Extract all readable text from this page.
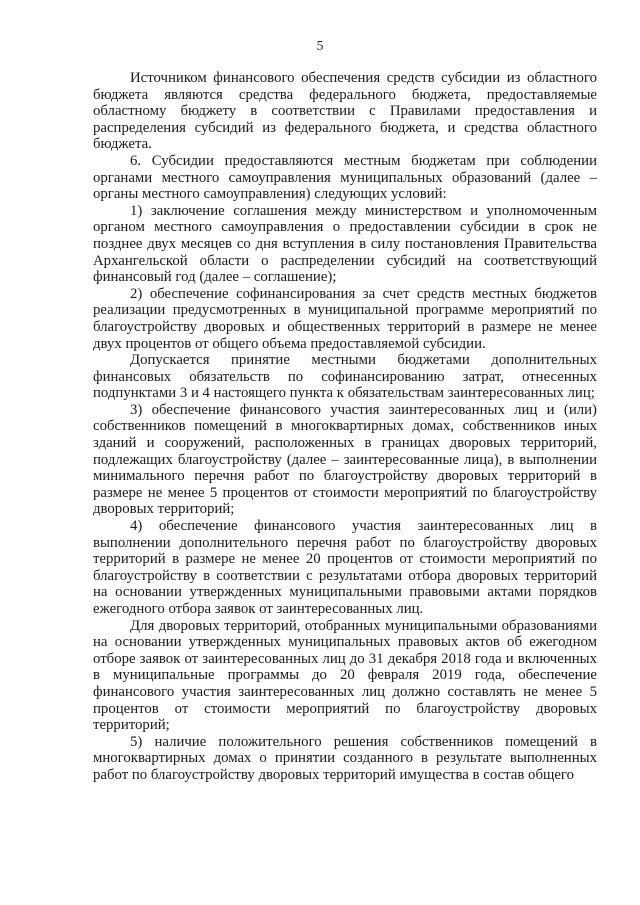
5

Источником финансового обеспечения средств субсидии из областного бюджета являются средства федерального бюджета, предоставляемые областному бюджету в соответствии с Правилами предоставления и распределения субсидий из федерального бюджета, и средства областного бюджета.

6. Субсидии предоставляются местным бюджетам при соблюдении органами местного самоуправления муниципальных образований (далее – органы местного самоуправления) следующих условий:

1) заключение соглашения между министерством и уполномоченным органом местного самоуправления о предоставлении субсидии в срок не позднее двух месяцев со дня вступления в силу постановления Правительства Архангельской области о распределении субсидий на соответствующий финансовый год (далее – соглашение);

2) обеспечение софинансирования за счет средств местных бюджетов реализации предусмотренных в муниципальной программе мероприятий по благоустройству дворовых и общественных территорий в размере не менее двух процентов от общего объема предоставляемой субсидии.

Допускается принятие местными бюджетами дополнительных финансовых обязательств по софинансированию затрат, отнесенных подпунктами 3 и 4 настоящего пункта к обязательствам заинтересованных лиц;

3) обеспечение финансового участия заинтересованных лиц и (или) собственников помещений в многоквартирных домах, собственников иных зданий и сооружений, расположенных в границах дворовых территорий, подлежащих благоустройству (далее – заинтересованные лица), в выполнении минимального перечня работ по благоустройству дворовых территорий в размере не менее 5 процентов от стоимости мероприятий по благоустройству дворовых территорий;

4) обеспечение финансового участия заинтересованных лиц в выполнении дополнительного перечня работ по благоустройству дворовых территорий в размере не менее 20 процентов от стоимости мероприятий по благоустройству в соответствии с результатами отбора дворовых территорий на основании утвержденных муниципальными правовыми актами порядков ежегодного отбора заявок от заинтересованных лиц.

Для дворовых территорий, отобранных муниципальными образованиями на основании утвержденных муниципальных правовых актов об ежегодном отборе заявок от заинтересованных лиц до 31 декабря 2018 года и включенных в муниципальные программы до 20 февраля 2019 года, обеспечение финансового участия заинтересованных лиц должно составлять не менее 5 процентов от стоимости мероприятий по благоустройству дворовых территорий;

5) наличие положительного решения собственников помещений в многоквартирных домах о принятии созданного в результате выполненных работ по благоустройству дворовых территорий имущества в состав общего
